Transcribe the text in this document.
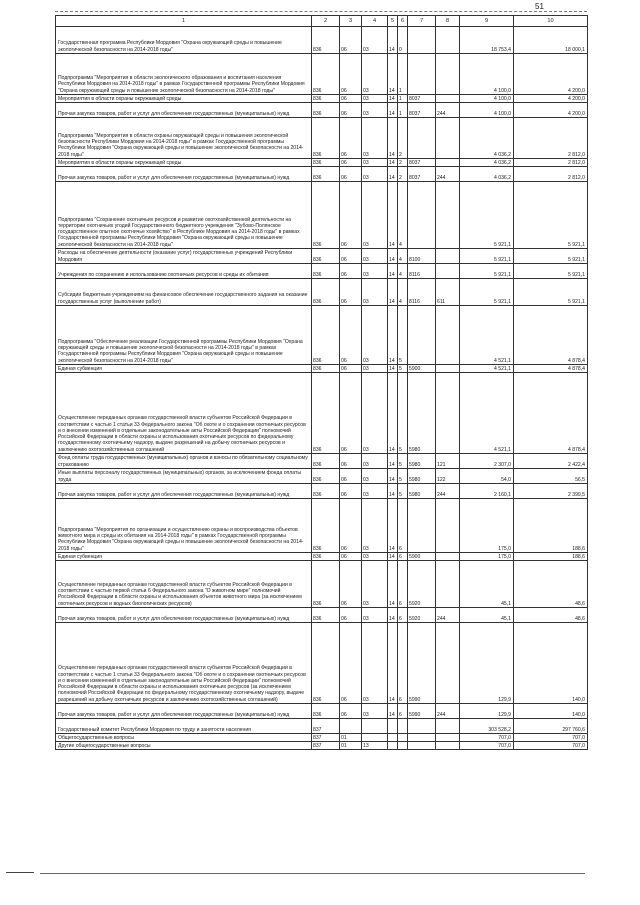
51
1	2	3	4	5	6	7	8	9	10
Государственная программа Республики Мордовия "Охрана окружающей среды и повышение экологической безопасности на 2014-2018 годы"	836	06	03	14	0			18 753,4	18 000,1
Подпрограмма "Мероприятия в области экологического образования и воспитания населения Республики Мордовия на 2014-2018 годы" в рамках Государственной программы Республики Мордовия "Охрана окружающей среды и повышение экологической безопасности на 2014-2018 годы"	836	06	03	14	1			4 100,0	4 200,0
Мероприятия в области охраны окружающей среды	836	06	03	14	1	8037		4 100,0	4 200,0
Прочая закупка товаров, работ и услуг для обеспечения государственных (муниципальных) нужд	836	06	03	14	1	8037	244	4 100,0	4 200,0
Подпрограмма "Мероприятия в области охраны окружающей среды и повышения экологической безопасности Республики Мордовия на 2014-2018 годы" в рамках Государственной программы Республики Мордовия "Охрана окружающей среды и повышение экологической безопасности на 2014-2018 годы"	836	06	03	14	2			4 036,2	2 812,0
Мероприятия в области охраны окружающей среды	836	06	03	14	2	8037		4 036,2	2 812,0
Прочая закупка товаров, работ и услуг для обеспечения государственных (муниципальных) нужд	836	06	03	14	2	8037	244	4 036,2	2 812,0
Подпрограмма "Сохранение охотничьих ресурсов и развитие охотхозяйственной деятельности на территории охотничьих угодий Государственного бюджетного учреждения "Зубово-Полянское государственное опытное охотничье хозяйство" в Республике Мордовия на 2014-2018 годы" в рамках Государственной программы Республики Мордовия "Охрана окружающей среды и повышение экологической безопасности на 2014-2018 годы"	836	06	03	14	4			5 921,1	5 921,1
Расходы на обеспечение деятельности (оказание услуг) государственных учреждений Республики Мордовия	836	06	03	14	4	8100		5 921,1	5 921,1
Учреждения по сохранению и использованию охотничьих ресурсов и среды их обитания	836	06	03	14	4	8116		5 921,1	5 921,1
Субсидии бюджетным учреждениям на финансовое обеспечение государственного задания на оказание государственных услуг (выполнение работ)	836	06	03	14	4	8116	611	5 921,1	5 921,1
Подпрограмма "Обеспечение реализации Государственной программы Республики Мордовия "Охрана окружающей среды и повышение экологической безопасности на 2014-2018 годы" в рамках Государственной программы Республики Мордовия "Охрана окружающей среды и повышение экологической безопасности на 2014-2018 годы"	836	06	03	14	5			4 521,1	4 878,4
Единая субвенция	836	06	03	14	5	5900		4 521,1	4 878,4
Осуществление переданных органам государственной власти субъектов Российской Федерации в соответствии с частью 1 статьи 33 Федерального закона "Об охоте и о сохранении охотничьих ресурсов и о внесении изменений в отдельные законодательные акты Российской Федерации" полномочий Российской Федерации в области охраны и использования охотничьих ресурсов по федеральному государственному охотничьему надзору, выдаче разрешений на добычу охотничьих ресурсов и заключению охотхозяйственных соглашений	836	06	03	14	5	5980		4 521,1	4 878,4
Фонд оплаты труда государственных (муниципальных) органов и взносы по обязательному социальному страхованию	836	06	03	14	5	5980	121	2 307,0	2 422,4
Иные выплаты персоналу государственных (муниципальных) органов, за исключением фонда оплаты труда	836	06	03	14	5	5980	122	54,0	56,5
Прочая закупка товаров, работ и услуг для обеспечения государственных (муниципальных) нужд	836	06	03	14	5	5980	244	2 160,1	2 399,5
Подпрограмма "Мероприятия по организации и осуществлению охраны и воспроизводства объектов животного мира и среды их обитания на 2014-2018 годы" в рамках Государственной программы Республики Мордовия "Охрана окружающей среды и повышение экологической безопасности на 2014-2018 годы"	836	06	03	14	6			175,0	188,6
Единая субвенция	836	06	03	14	6	5900		175,0	188,6
Осуществление переданных органам государственной власти субъектов Российской Федерации в соответствии с частью первой статьи 6 Федерального закона "О животном мире" полномочий Российской Федерации в области охраны и использования объектов животного мира (за исключением охотничьих ресурсов и водных биологических ресурсов)	836	06	03	14	6	5920		45,1	48,6
Прочая закупка товаров, работ и услуг для обеспечения государственных (муниципальных) нужд	836	06	03	14	6	5920	244	45,1	48,6
Осуществление переданных органам государственной власти субъектов Российской Федерации в соответствии с частью 1 статьи 33 Федерального закона "Об охоте и о сохранении охотничьих ресурсов и о внесении изменений в отдельные законодательные акты Российской Федерации" полномочий Российской Федерации в области охраны и использования охотничьих ресурсов (за исключением полномочий Российской Федерации по федеральному государственному охотничьему надзору, выдаче разрешений на добычу охотничьих ресурсов и заключению охотхозяйственных соглашений)	836	06	03	14	6	5990		129,9	140,0
Прочая закупка товаров, работ и услуг для обеспечения государственных (муниципальных) нужд	836	06	03	14	6	5990	244	129,9	140,0
Государственный комитет Республики Мордовия по труду и занятости населения	837							303 528,2	297 760,6
Общегосударственные вопросы	837	01						707,0	707,0
Другие общегосударственные вопросы	837	01	13					707,0	707,0
